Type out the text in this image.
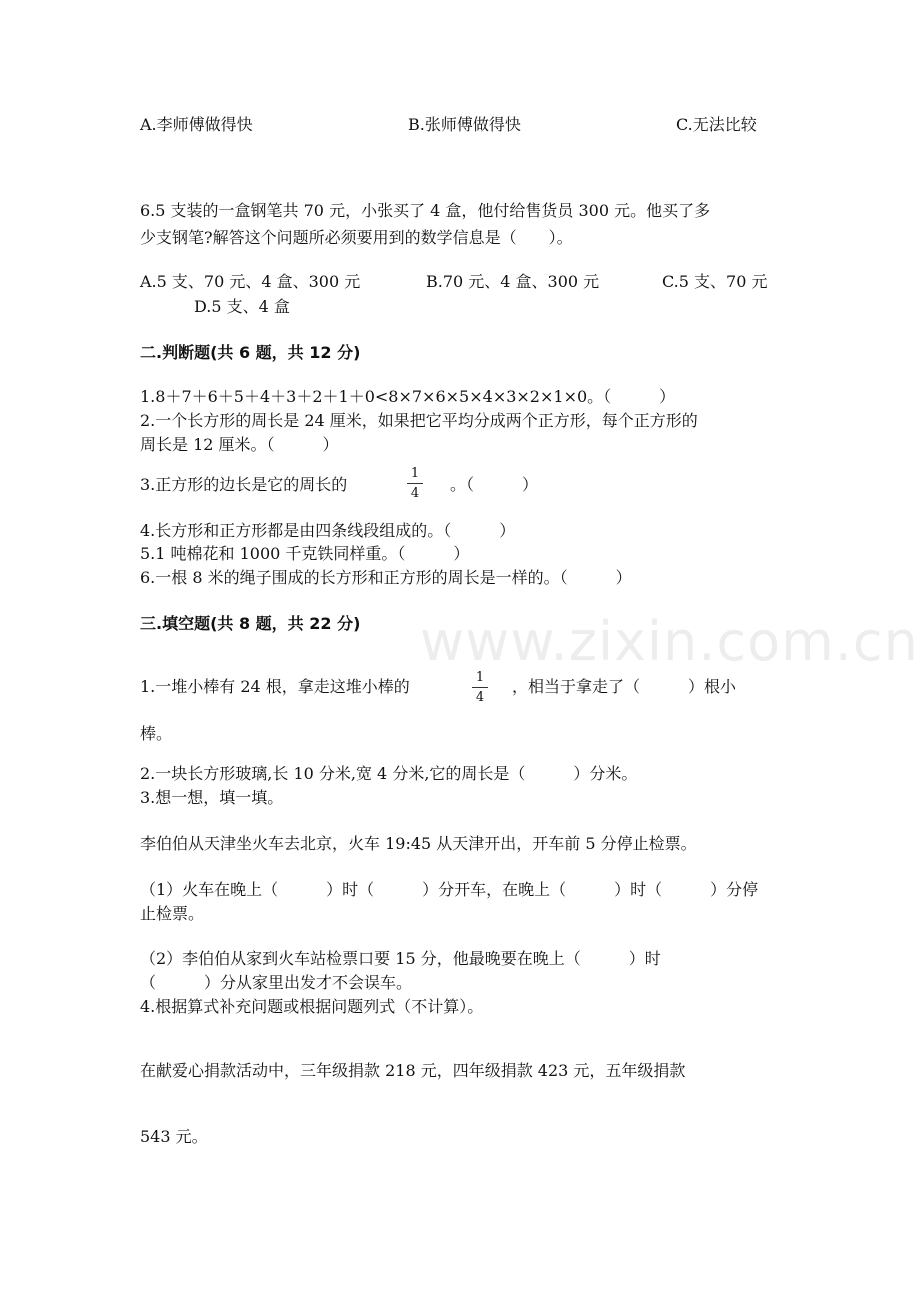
A.李师傅做得快	B.张师傅做得快	C.无法比较
6.5 支装的一盒钢笔共 70 元，小张买了 4 盒，他付给售货员 300 元。他买了多
少支钢笔?解答这个问题所必须要用到的数学信息是（　　）。
A.5 支、70 元、4 盒、300 元	B.70 元、4 盒、300 元	C.5 支、70 元
D.5 支、4 盒
二.判断题(共 6 题，共 12 分)
1.8＋7＋6＋5＋4＋3＋2＋1＋0<8×7×6×5×4×3×2×1×0。（　　　）
2.一个长方形的周长是 24 厘米，如果把它平均分成两个正方形，每个正方形的
周长是 12 厘米。（　　　）
3.正方形的边长是它的周长的
1
4 。（　　　）
4.长方形和正方形都是由四条线段组成的。（　　　）
5.1 吨棉花和 1000 千克铁同样重。（　　　）
6.一根 8 米的绳子围成的长方形和正方形的周长是一样的。（　　　）
www.zixin.com.cn
三.填空题(共 8 题，共 22 分)
1.一堆小棒有 24 根，拿走这堆小棒的	1
4
，相当于拿走了（　　　）根小
棒。
2.一块长方形玻璃,长 10 分米,宽 4 分米,它的周长是（　　　）分米。
3.想一想，填一填。
李伯伯从天津坐火车去北京，火车 19:45 从天津开出，开车前 5 分停止检票。
（1）火车在晚上（　　　）时（　　　）分开车，在晚上（　　　）时（　　　）分停
止检票。
（2）李伯伯从家到火车站检票口要 15 分，他最晚要在晚上（　　　）时
（　　　）分从家里出发才不会误车。
4.根据算式补充问题或根据问题列式（不计算）。
在献爱心捐款活动中，三年级捐款 218 元，四年级捐款 423 元，五年级捐款
543 元。
